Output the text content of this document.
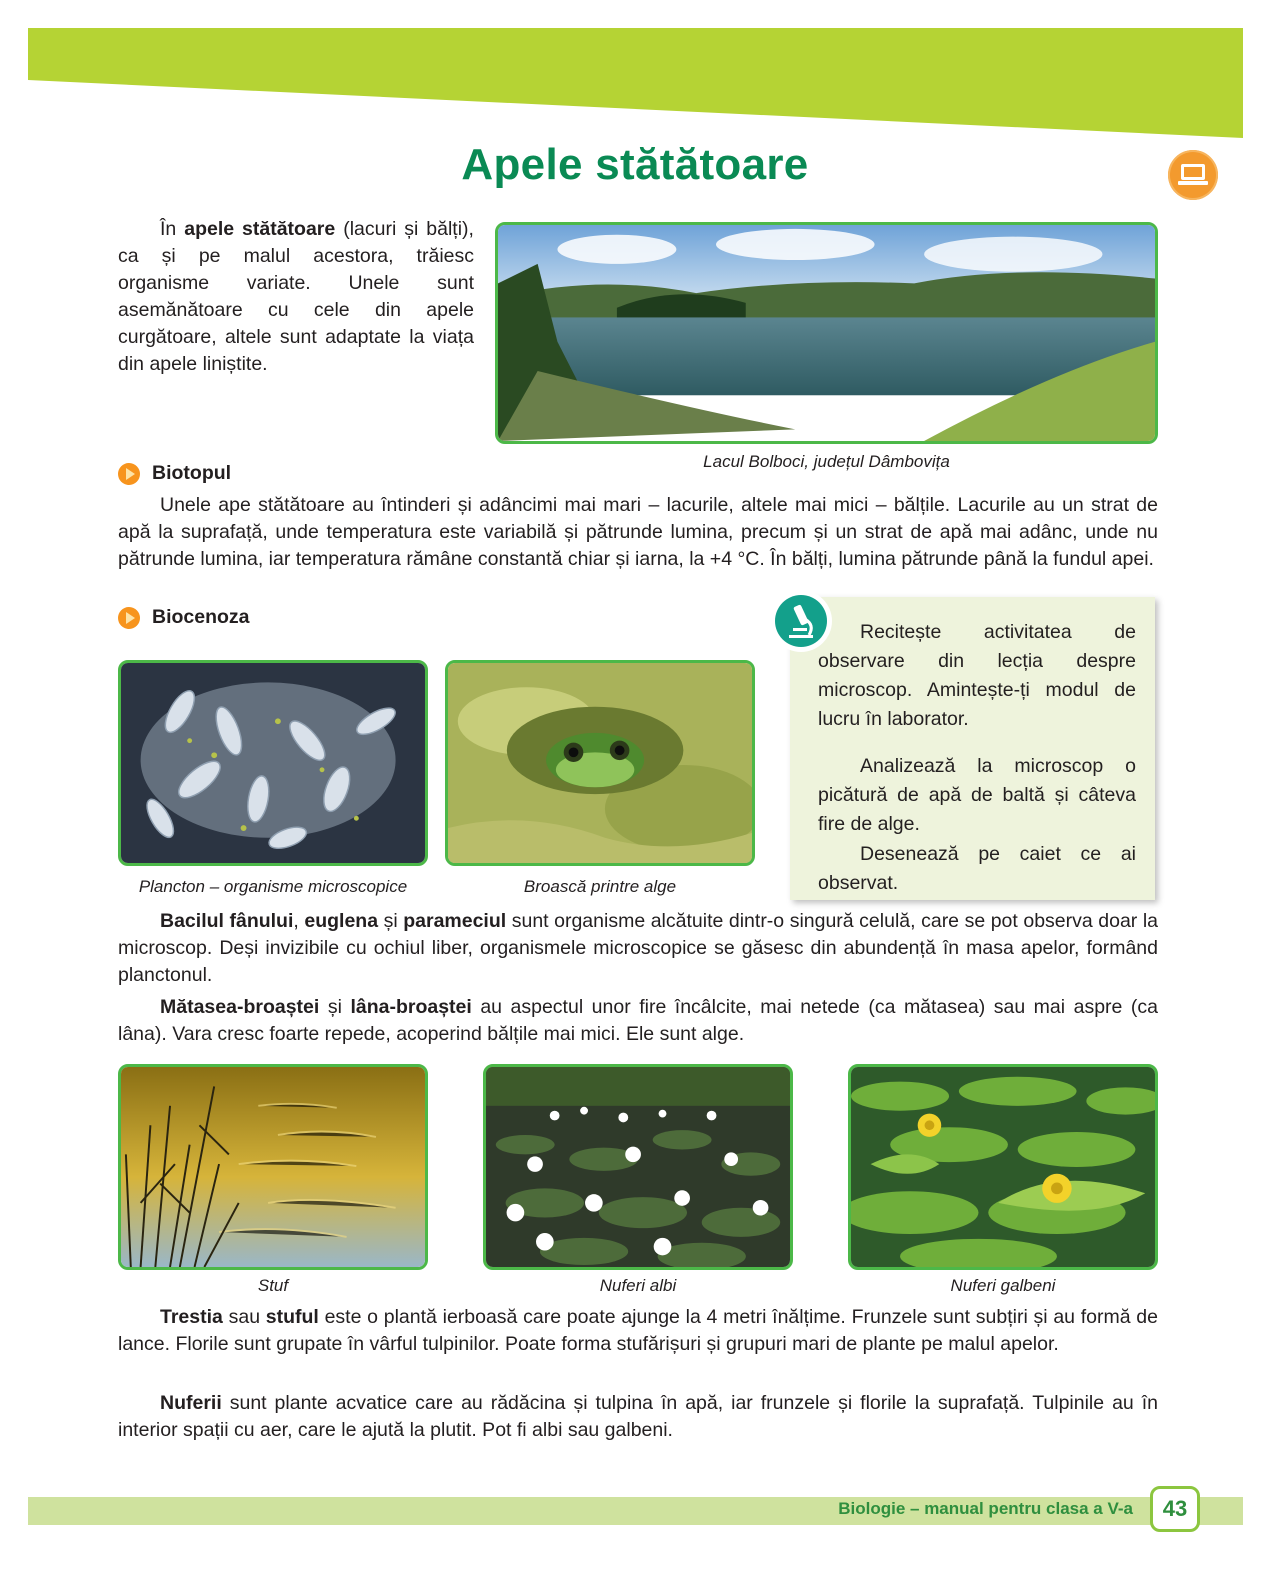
Apele stătătoare

În apele stătătoare (lacuri și bălți), ca și pe malul acestora, trăiesc organisme variate. Unele sunt asemănătoare cu cele din apele curgătoare, altele sunt adaptate la viața din apele liniștite.

Lacul Bolboci, județul Dâmbovița
Biotopul

Unele ape stătătoare au întinderi și adâncimi mai mari – lacurile, altele mai mici – bălțile. Lacurile au un strat de apă la suprafață, unde temperatura este variabilă și pătrunde lumina, precum și un strat de apă mai adânc, unde nu pătrunde lumina, iar temperatura rămâne constantă chiar și iarna, la +4 °C. În bălți, lumina pătrunde până la fundul apei.

Biocenoza
Plancton – organisme microscopice	Broască printre alge

Recitește activitatea de observare din lecția despre microscop. Amintește-ți modul de lucru în laborator.

Analizează la microscop o picătură de apă de baltă și câteva fire de alge.

Desenează pe caiet ce ai observat.

Bacilul fânului, euglena și parameciul sunt organisme alcătuite dintr-o singură celulă, care se pot observa doar la microscop. Deși invizibile cu ochiul liber, organismele microscopice se găsesc din abundență în masa apelor, formând planctonul.

Mătasea-broaștei și lâna-broaștei au aspectul unor fire încâlcite, mai netede (ca mătasea) sau mai aspre (ca lâna). Vara cresc foarte repede, acoperind bălțile mai mici. Ele sunt alge.

Stuf	Nuferi albi	Nuferi galbeni

Trestia sau stuful este o plantă ierboasă care poate ajunge la 4 metri înălțime. Frunzele sunt subțiri și au formă de lance. Florile sunt grupate în vârful tulpinilor. Poate forma stufărișuri și grupuri mari de plante pe malul apelor.

Nuferii sunt plante acvatice care au rădăcina și tulpina în apă, iar frunzele și florile la suprafață. Tulpinile au în interior spații cu aer, care le ajută la plutit. Pot fi albi sau galbeni.

Biologie – manual pentru clasa a V-a	43
